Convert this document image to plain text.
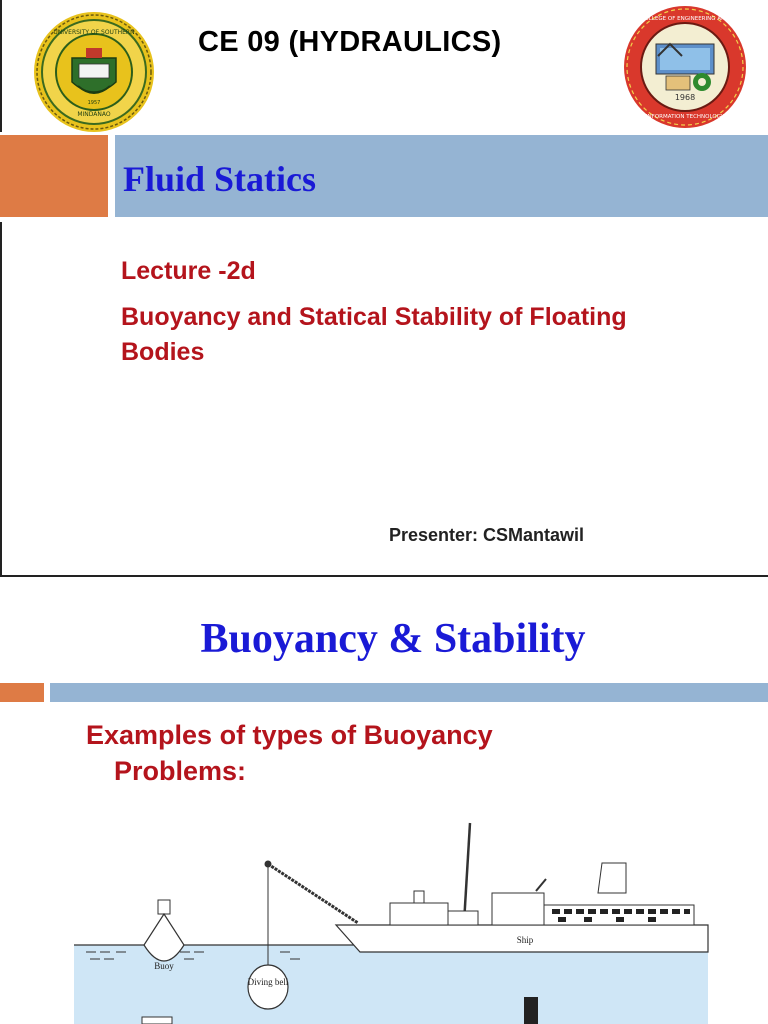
UNIVERSITY OF SOUTHERN
MINDANAO
1957
1968
COLLEGE OF ENGINEERING AND
INFORMATION TECHNOLOGY
CE 09 (HYDRAULICS)
Fluid Statics
Lecture -2d
Buoyancy and Statical Stability of Floating Bodies
Presenter: CSMantawil
Buoyancy & Stability
Examples of types of Buoyancy
Problems:
Buoy
Diving bell
Ship
